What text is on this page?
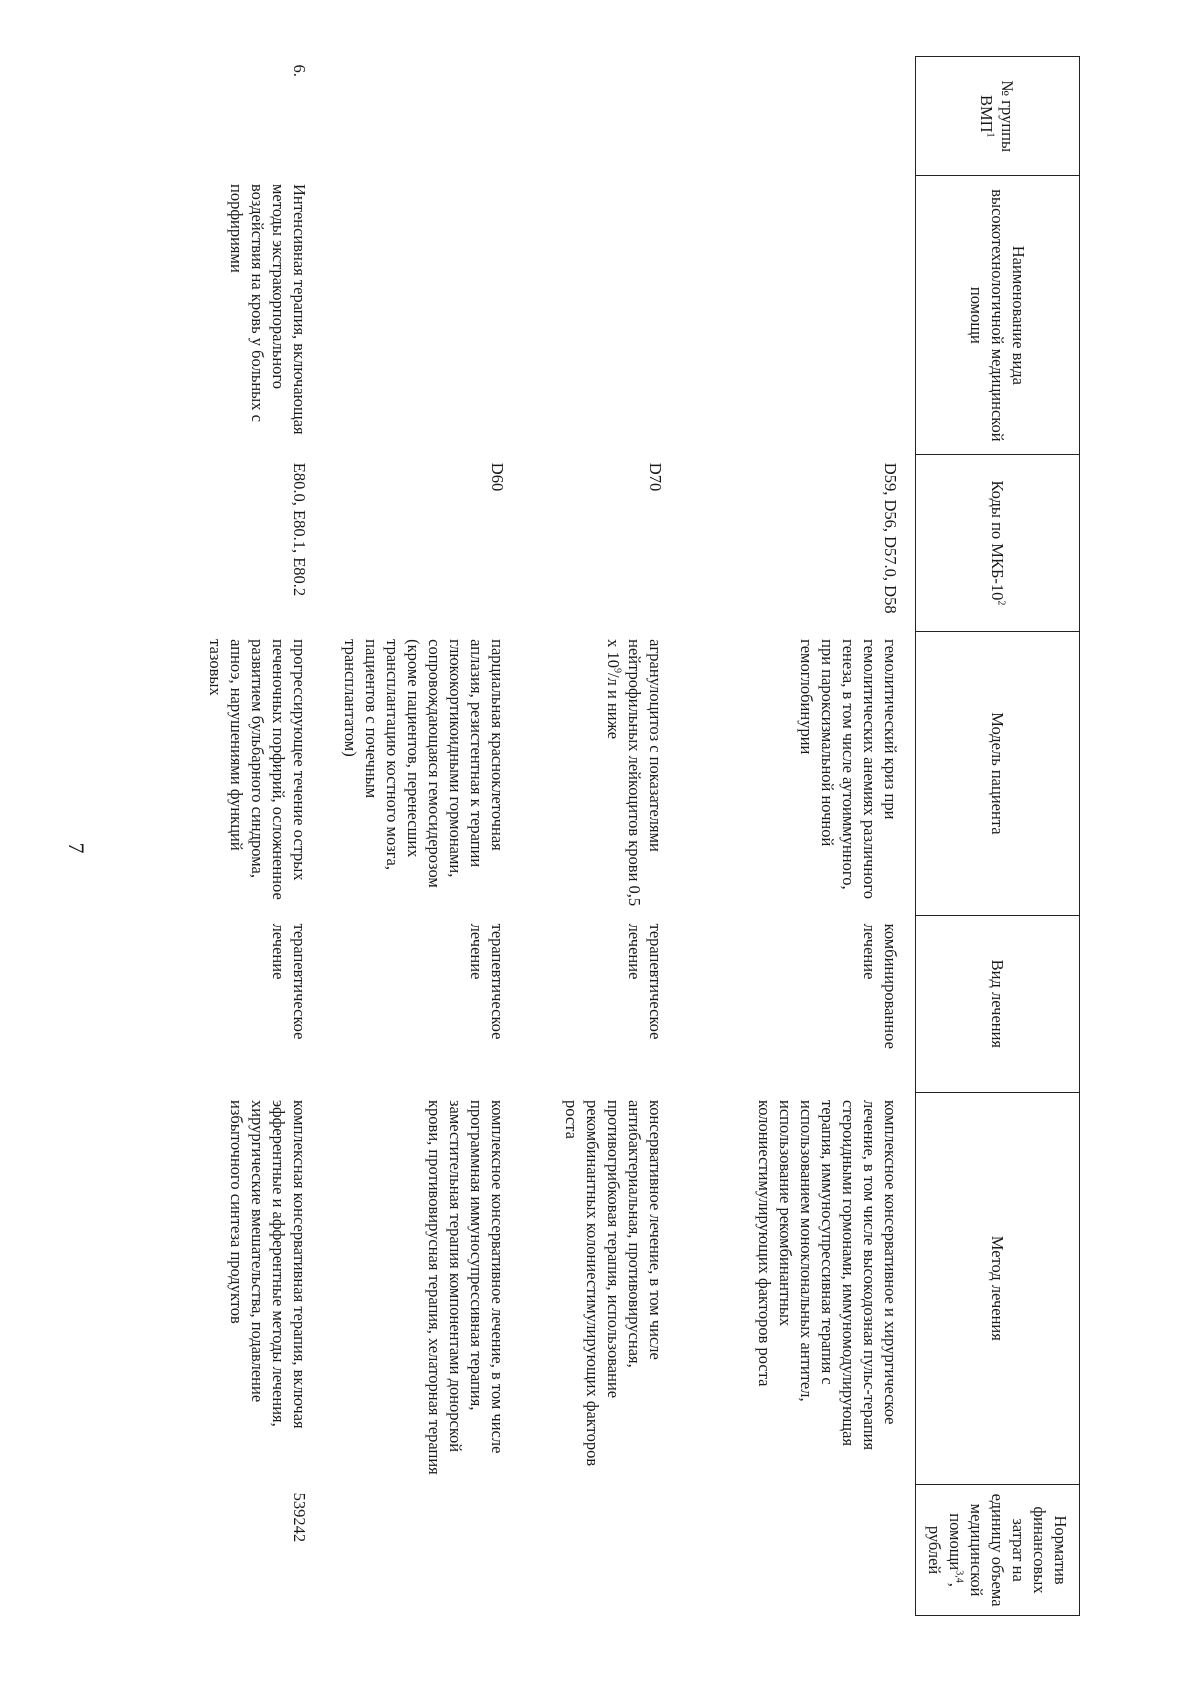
7
№ группы ВМП$^1$	Наименование вида высокотехнологичной медицинской помощи	Коды по МКБ-$10^2$	Модель пациента	Вид лечения	Метод лечения	Норматив финансовых затрат на единицу объема медицинской помощи$^{3,4}$, рублей
		D59, D56, D57.0, D58	гемолитический криз при гемолитических анемиях различного генеза, в том числе аутоиммунного, при пароксизмальной ночной гемоглобинурии	комбинированное лечение	комплексное консервативное и хирургическое лечение, в том числе высокодозная пульс-терапия стероидными гормонами, иммуномодулирующая терапия, иммуносупрессивная терапия с использованием моноклональных антител, использование рекомбинантных колониестимулирующих факторов роста	
		D70	агранулоцитоз с показателями нейтрофильных лейкоцитов крови 0,5 х $10^9/л$ и ниже	терапевтическое лечение	консервативное лечение, в том числе антибактериальная, противовирусная, противогрибковая терапия, использование рекомбинантных колониестимулирующих факторов роста	
		D60	парциальная красноклеточная аплазия, резистентная к терапии глюкокортикоидными гормонами, сопровождающаяся гемосидерозом (кроме пациентов, перенесших трансплантацию костного мозга, пациентов с почечным трансплантатом)	терапевтическое лечение	комплексное консервативное лечение, в том числе программная иммуносупрессивная терапия, заместительная терапия компонентами донорской крови, противовирусная терапия, хелаторная терапия	
6.	Интенсивная терапия, включающая методы экстракорпорального воздействия на кровь у больных с порфириями	E80.0, E80.1, E80.2	прогрессирующее течение острых печеночных порфирий, осложненное развитием бульбарного синдрома, апноэ, нарушениями функций тазовых	терапевтическое лечение	комплексная консервативная терапия, включая эфферентные и афферентные методы лечения, хирургические вмешательства, подавление избыточного синтеза продуктов	539242
